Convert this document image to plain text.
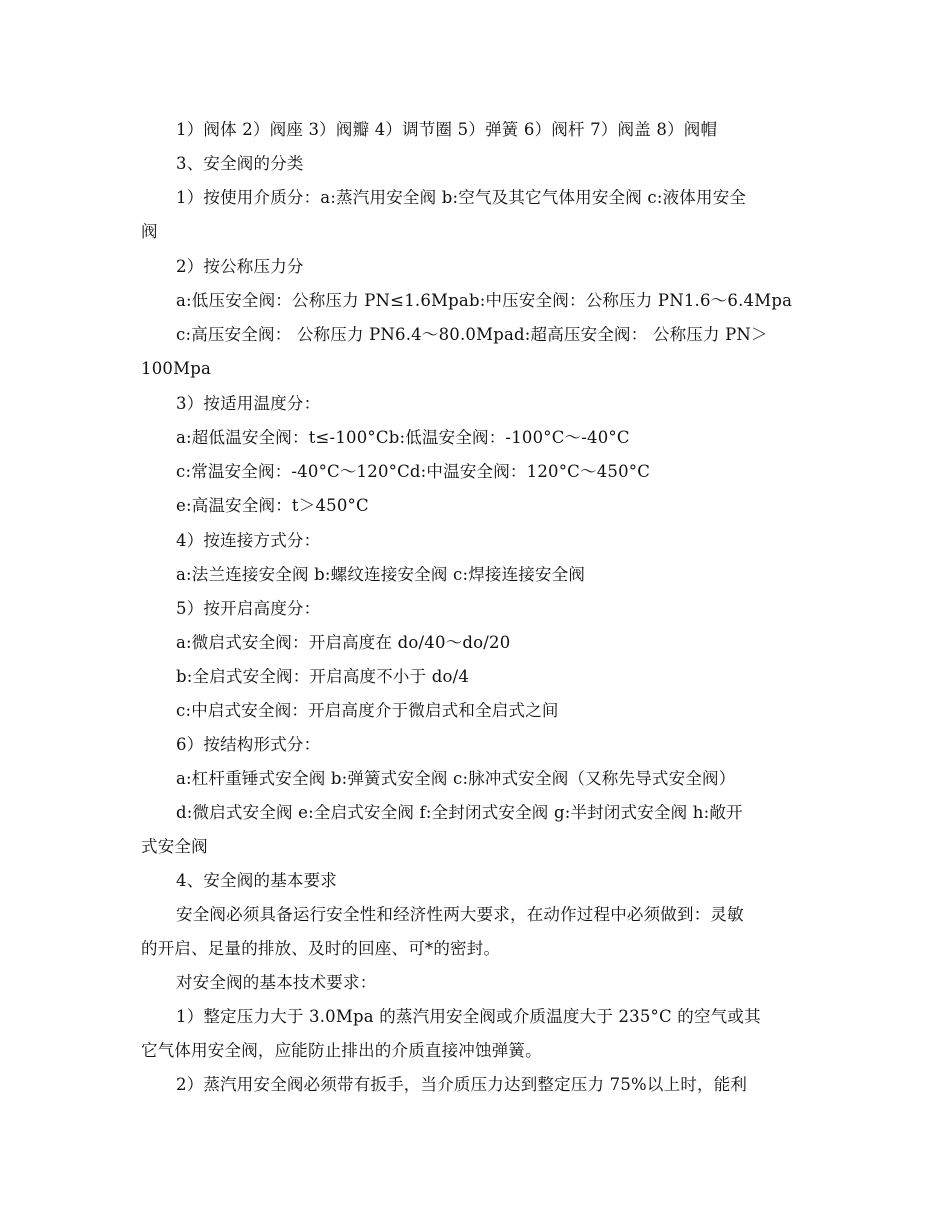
1）阀体 2）阀座 3）阀瓣 4）调节圈 5）弹簧 6）阀杆 7）阀盖 8）阀帽
3、安全阀的分类
1）按使用介质分：a:蒸汽用安全阀 b:空气及其它气体用安全阀 c:液体用安全
阀
2）按公称压力分
a:低压安全阀：公称压力 PN≤1.6Mpab:中压安全阀：公称压力 PN1.6～6.4Mpa
c:高压安全阀： 公称压力 PN6.4～80.0Mpad:超高压安全阀： 公称压力 PN＞
100Mpa
3）按适用温度分：
a:超低温安全阀：t≤-100°Cb:低温安全阀：-100°C～-40°C
c:常温安全阀：-40°C～120°Cd:中温安全阀：120°C～450°C
e:高温安全阀：t＞450°C
4）按连接方式分：
a:法兰连接安全阀 b:螺纹连接安全阀 c:焊接连接安全阀
5）按开启高度分：
a:微启式安全阀：开启高度在 do/40～do/20
b:全启式安全阀：开启高度不小于 do/4
c:中启式安全阀：开启高度介于微启式和全启式之间
6）按结构形式分：
a:杠杆重锤式安全阀 b:弹簧式安全阀 c:脉冲式安全阀（又称先导式安全阀）
d:微启式安全阀 e:全启式安全阀 f:全封闭式安全阀 g:半封闭式安全阀 h:敞开
式安全阀
4、安全阀的基本要求
安全阀必须具备运行安全性和经济性两大要求，在动作过程中必须做到：灵敏
的开启、足量的排放、及时的回座、可*的密封。
对安全阀的基本技术要求：
1）整定压力大于 3.0Mpa 的蒸汽用安全阀或介质温度大于 235°C 的空气或其
它气体用安全阀，应能防止排出的介质直接冲蚀弹簧。
2）蒸汽用安全阀必须带有扳手，当介质压力达到整定压力 75%以上时，能利
